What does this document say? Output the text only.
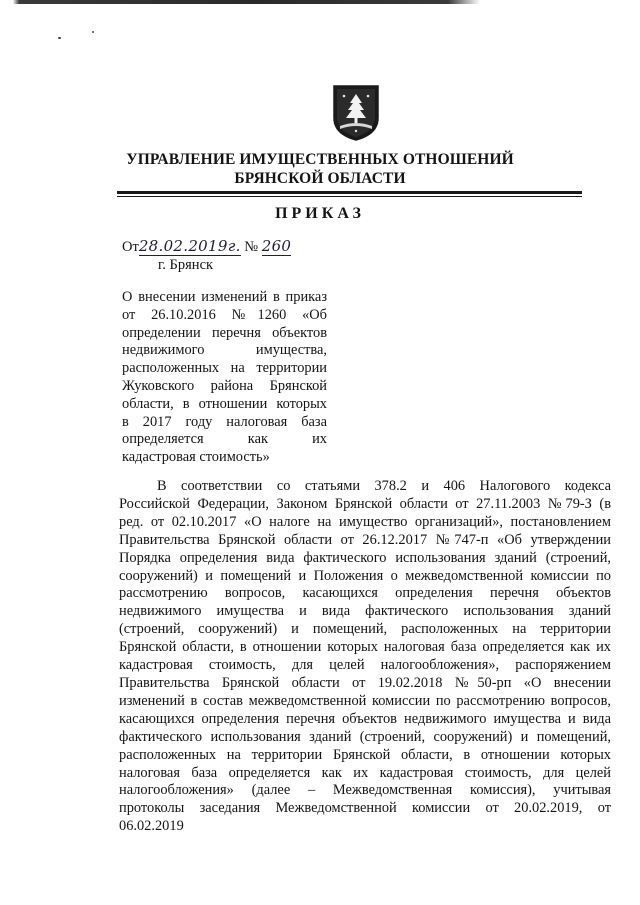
УПРАВЛЕНИЕ ИМУЩЕСТВЕННЫХ ОТНОШЕНИЙ
БРЯНСКОЙ ОБЛАСТИ
ПРИКАЗ
От28.02.2019г. № 260
г. Брянск
О внесении изменений в приказ
от 26.10.2016 №1260 «Об
определении перечня объектов
недвижимого имущества,
расположенных на территории
Жуковского района Брянской
области, в отношении которых
в 2017 году налоговая база
определяется как их
кадастровая стоимость»
В соответствии со статьями 378.2 и 406 Налогового кодекса
Российской Федерации, Законом Брянской области от 27.11.2003 №79-З (в
ред. от 02.10.2017 «О налоге на имущество организаций», постановлением
Правительства Брянской области от 26.12.2017 №747-п «Об утверждении
Порядка определения вида фактического использования зданий (строений,
сооружений) и помещений и Положения о межведомственной комиссии по
рассмотрению вопросов, касающихся определения перечня объектов
недвижимого имущества и вида фактического использования зданий
(строений, сооружений) и помещений, расположенных на территории
Брянской области, в отношении которых налоговая база определяется как их
кадастровая стоимость, для целей налогообложения», распоряжением
Правительства Брянской области от 19.02.2018 №50-рп «О внесении
изменений в состав межведомственной комиссии по рассмотрению вопросов,
касающихся определения перечня объектов недвижимого имущества и вида
фактического использования зданий (строений, сооружений) и помещений,
расположенных на территории Брянской области, в отношении которых
налоговая база определяется как их кадастровая стоимость, для целей
налогообложения» (далее – Межведомственная комиссия), учитывая
протоколы заседания Межведомственной комиссии от 20.02.2019, от
06.02.2019
